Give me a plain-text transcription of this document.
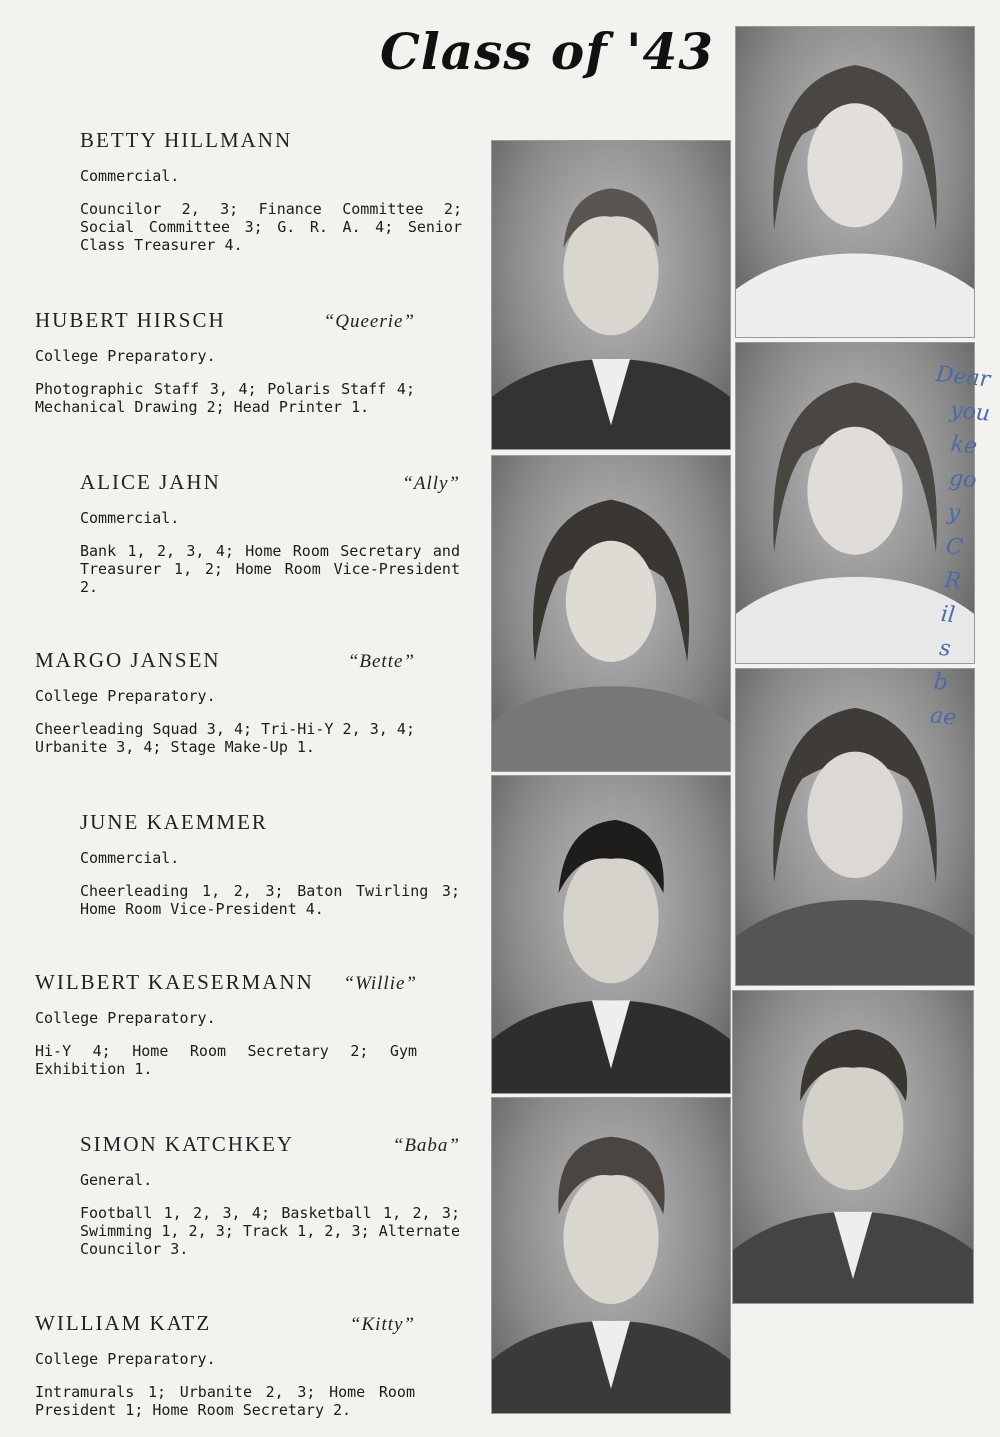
Class of '43
BETTY HILLMANN
Commercial.
Councilor 2, 3; Finance Committee 2; Social Committee 3; G. R. A. 4; Senior Class Treasurer 4.
HUBERT HIRSCH	“Queerie”
College Preparatory.
Photographic Staff 3, 4; Polaris Staff 4; Mechanical Drawing 2; Head Printer 1.
ALICE JAHN	“Ally”
Commercial.
Bank 1, 2, 3, 4; Home Room Secretary and Treasurer 1, 2; Home Room Vice-President 2.
MARGO JANSEN	“Bette”
College Preparatory.
Cheerleading Squad 3, 4; Tri-Hi-Y 2, 3, 4; Urbanite 3, 4; Stage Make-Up 1.
JUNE KAEMMER
Commercial.
Cheerleading 1, 2, 3; Baton Twirling 3; Home Room Vice-President 4.
WILBERT KAESERMANN “Willie”
College Preparatory.
Hi-Y 4; Home Room Secretary 2; Gym Exhibition 1.
SIMON KATCHKEY	“Baba”
General.
Football 1, 2, 3, 4; Basketball 1, 2, 3; Swimming 1, 2, 3; Track 1, 2, 3; Alternate Councilor 3.
WILLIAM KATZ	“Kitty”
College Preparatory.
Intramurals 1; Urbanite 2, 3; Home Room President 1; Home Room Secretary 2.
Dear
you
ke
go
y
C
R
il
s
b
ae
